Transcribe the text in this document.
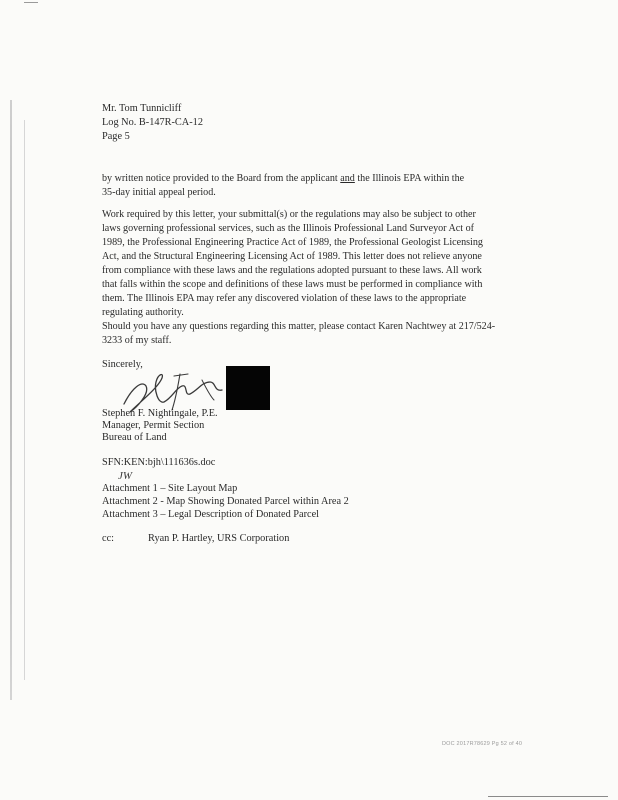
Mr. Tom Tunnicliff
Log No. B-147R-CA-12
Page 5
by written notice provided to the Board from the applicant and the Illinois EPA within the
35-day initial appeal period.
Work required by this letter, your submittal(s) or the regulations may also be subject to other
laws governing professional services, such as the Illinois Professional Land Surveyor Act of
1989, the Professional Engineering Practice Act of 1989, the Professional Geologist Licensing
Act, and the Structural Engineering Licensing Act of 1989. This letter does not relieve anyone
from compliance with these laws and the regulations adopted pursuant to these laws. All work
that falls within the scope and definitions of these laws must be performed in compliance with
them. The Illinois EPA may refer any discovered violation of these laws to the appropriate
regulating authority.
Should you have any questions regarding this matter, please contact Karen Nachtwey at 217/524-
3233 of my staff.
Sincerely,
Stephen F. Nightingale, P.E.
Manager, Permit Section
Bureau of Land
SFN:KEN:bjh\111636s.doc
JW
Attachment 1 – Site Layout Map
Attachment 2 - Map Showing Donated Parcel within Area 2
Attachment 3 – Legal Description of Donated Parcel
cc:	Ryan P. Hartley, URS Corporation
DOC 2017R78629 Pg 52 of 40
